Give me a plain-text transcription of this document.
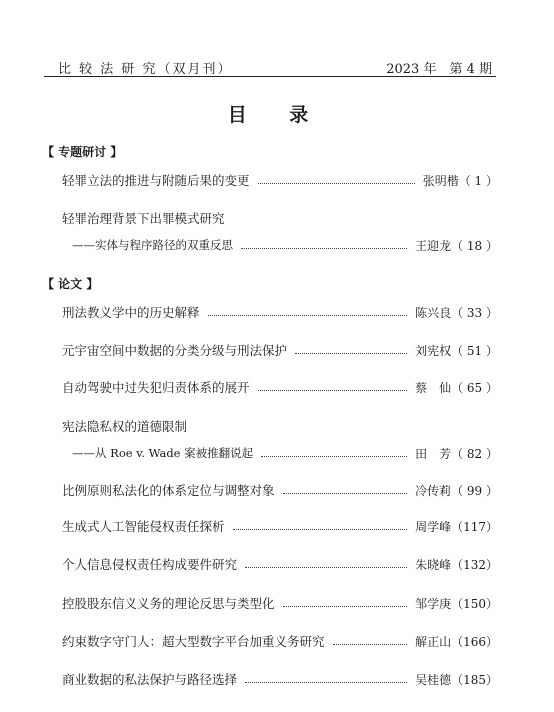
比 较 法 研 究（双月刊）	2023 年　第 4 期
目 录
【 专题研讨 】
轻罪立法的推进与附随后果的变更	张明楷（ 1 ）
轻罪治理背景下出罪模式研究
——实体与程序路径的双重反思	王迎龙（ 18 ）
【 论文 】
刑法教义学中的历史解释	陈兴良（ 33 ）
元宇宙空间中数据的分类分级与刑法保护	刘宪权（ 51 ）
自动驾驶中过失犯归责体系的展开	蔡　仙（ 65 ）
宪法隐私权的道德限制
——从 Roe v. Wade 案被推翻说起	田　芳（ 82 ）
比例原则私法化的体系定位与调整对象	冷传莉（ 99 ）
生成式人工智能侵权责任探析	周学峰（117）
个人信息侵权责任构成要件研究	朱晓峰（132）
控股股东信义义务的理论反思与类型化	邹学庚（150）
约束数字守门人：超大型数字平台加重义务研究	解正山（166）
商业数据的私法保护与路径选择	吴桂德（185）
